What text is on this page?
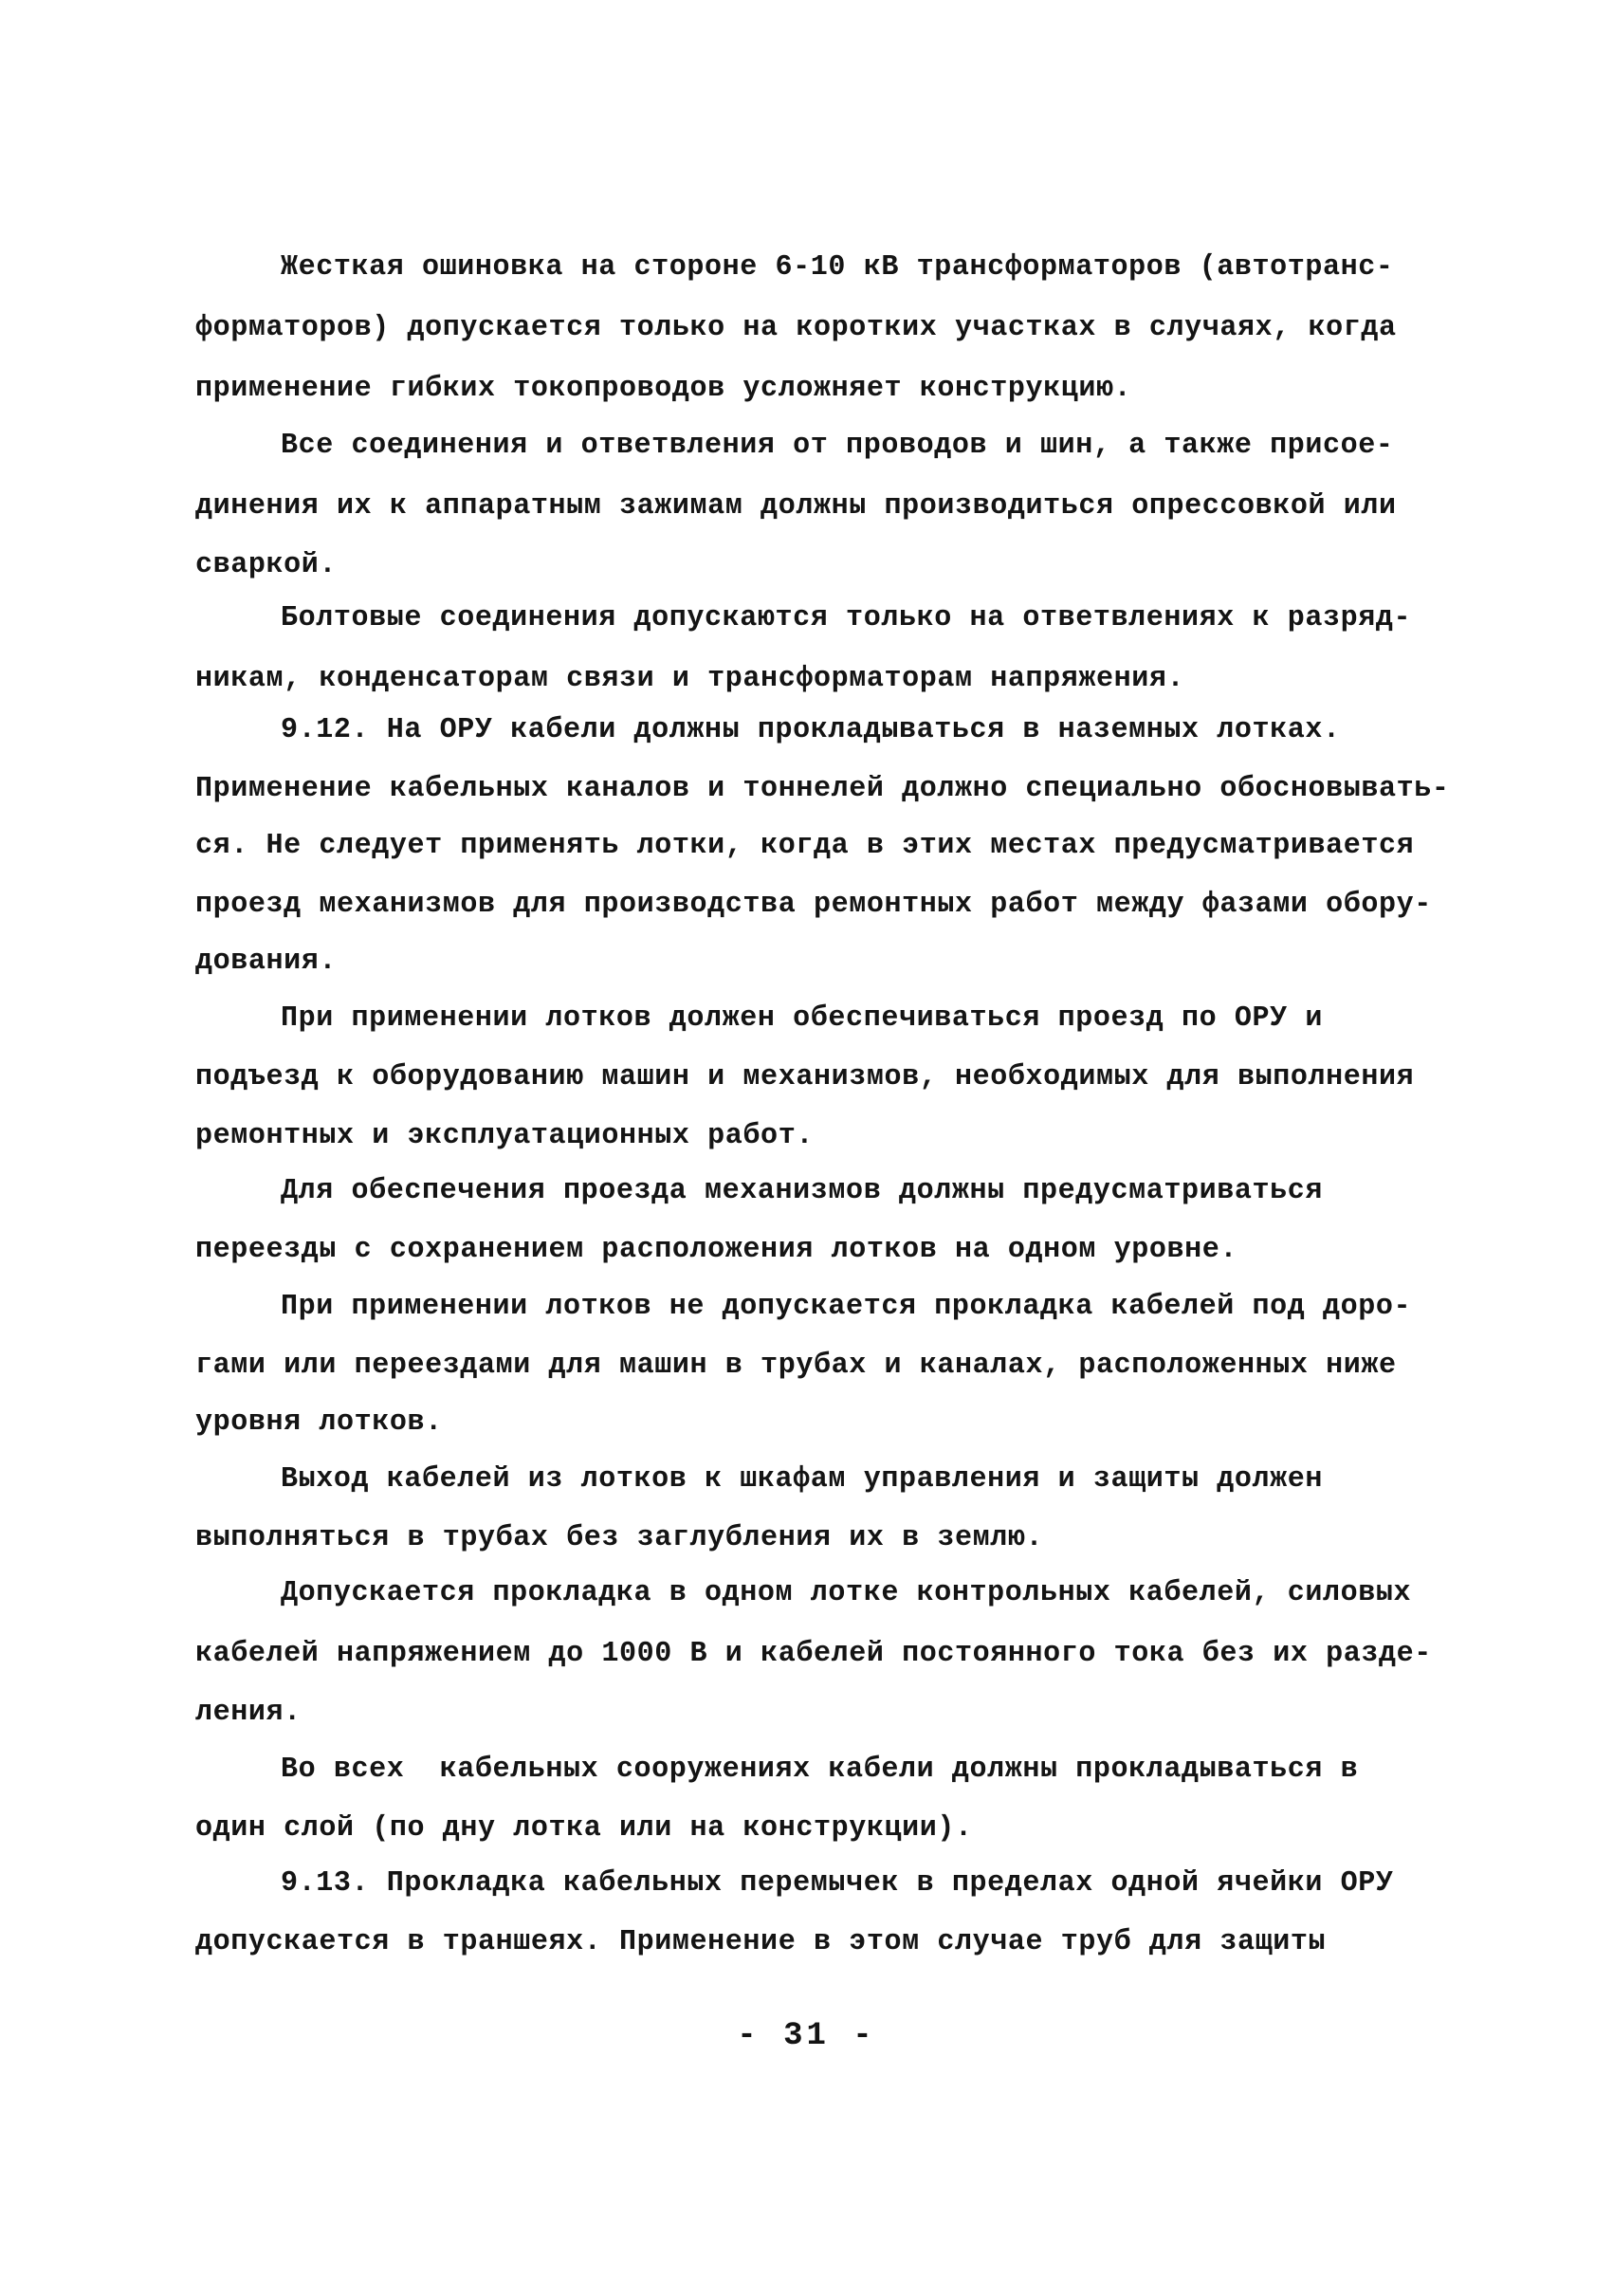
Жесткая ошиновка на стороне 6-10 кВ трансформаторов (автотранс-
форматоров) допускается только на коротких участках в случаях, когда
применение гибких токопроводов усложняет конструкцию.
Все соединения и ответвления от проводов и шин, а также присое-
динения их к аппаратным зажимам должны производиться опрессовкой или
сваркой.
Болтовые соединения допускаются только на ответвлениях к разряд-
никам, конденсаторам связи и трансформаторам напряжения.
9.12. На ОРУ кабели должны прокладываться в наземных лотках.
Применение кабельных каналов и тоннелей должно специально обосновывать-
ся. Не следует применять лотки, когда в этих местах предусматривается
проезд механизмов для производства ремонтных работ между фазами обору-
дования.
При применении лотков должен обеспечиваться проезд по ОРУ и
подъезд к оборудованию машин и механизмов, необходимых для выполнения
ремонтных и эксплуатационных работ.
Для обеспечения проезда механизмов должны предусматриваться
переезды с сохранением расположения лотков на одном уровне.
При применении лотков не допускается прокладка кабелей под доро-
гами или переездами для машин в трубах и каналах, расположенных ниже
уровня лотков.
Выход кабелей из лотков к шкафам управления и защиты должен
выполняться в трубах без заглубления их в землю.
Допускается прокладка в одном лотке контрольных кабелей, силовых
кабелей напряжением до 1000 В и кабелей постоянного тока без их разде-
ления.
Во всех  кабельных сооружениях кабели должны прокладываться в
один слой (по дну лотка или на конструкции).
9.13. Прокладка кабельных перемычек в пределах одной ячейки ОРУ
допускается в траншеях. Применение в этом случае труб для защиты
- 31 -
